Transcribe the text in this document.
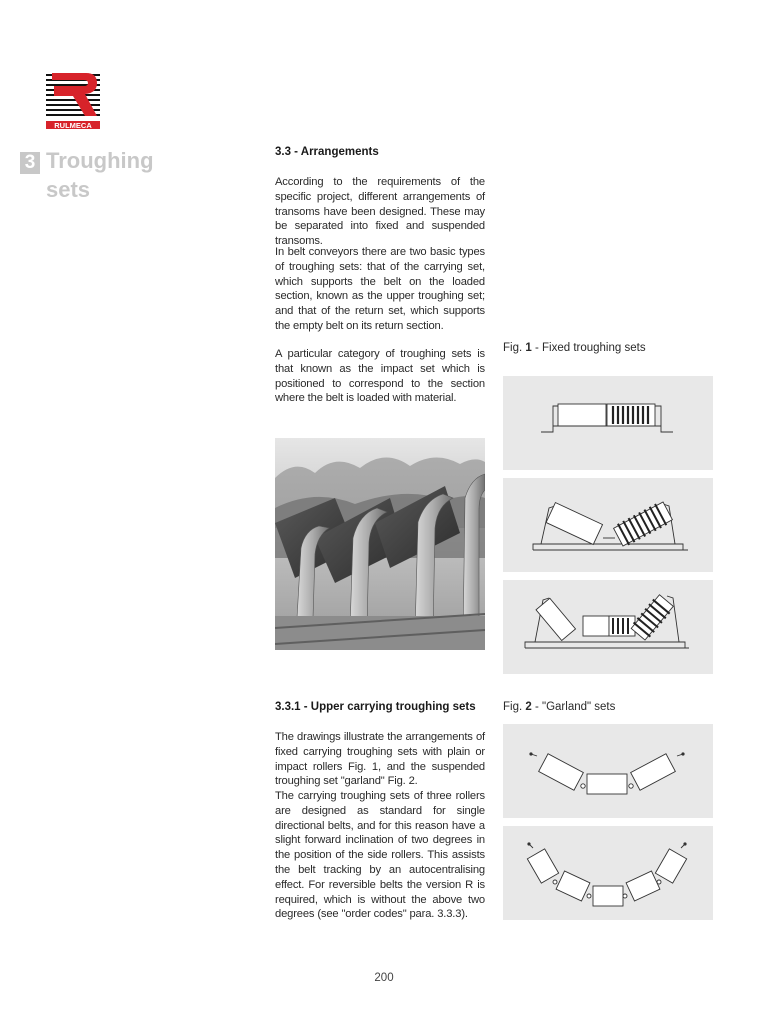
RULMECA
3 Troughing
sets
3.3 - Arrangements
According to the requirements of the specific project, different arrangements of transoms have been designed. These may be separated into fixed and suspended transoms.
In belt conveyors there are two basic types of troughing sets: that of the carrying set, which supports the belt on the loaded section, known as the upper troughing set; and that of the return set, which supports the empty belt on its return section.
A particular category of troughing sets is that known as the impact set which is positioned to correspond to the section where the belt is loaded with material.
3.3.1 - Upper carrying troughing sets
The drawings illustrate the arrangements of fixed carrying troughing sets with plain or impact rollers Fig. 1, and the suspended troughing set "garland" Fig. 2.
The carrying troughing sets of three rollers are designed as standard for single directional belts, and for this reason have a slight forward inclination of two degrees in the position of the side rollers. This assists the belt tracking by an autocentralising effect. For reversible belts the version R is required, which is without the above two degrees (see "order codes" para. 3.3.3).
Fig. 1 - Fixed troughing sets
Fig. 2 - "Garland" sets
200
